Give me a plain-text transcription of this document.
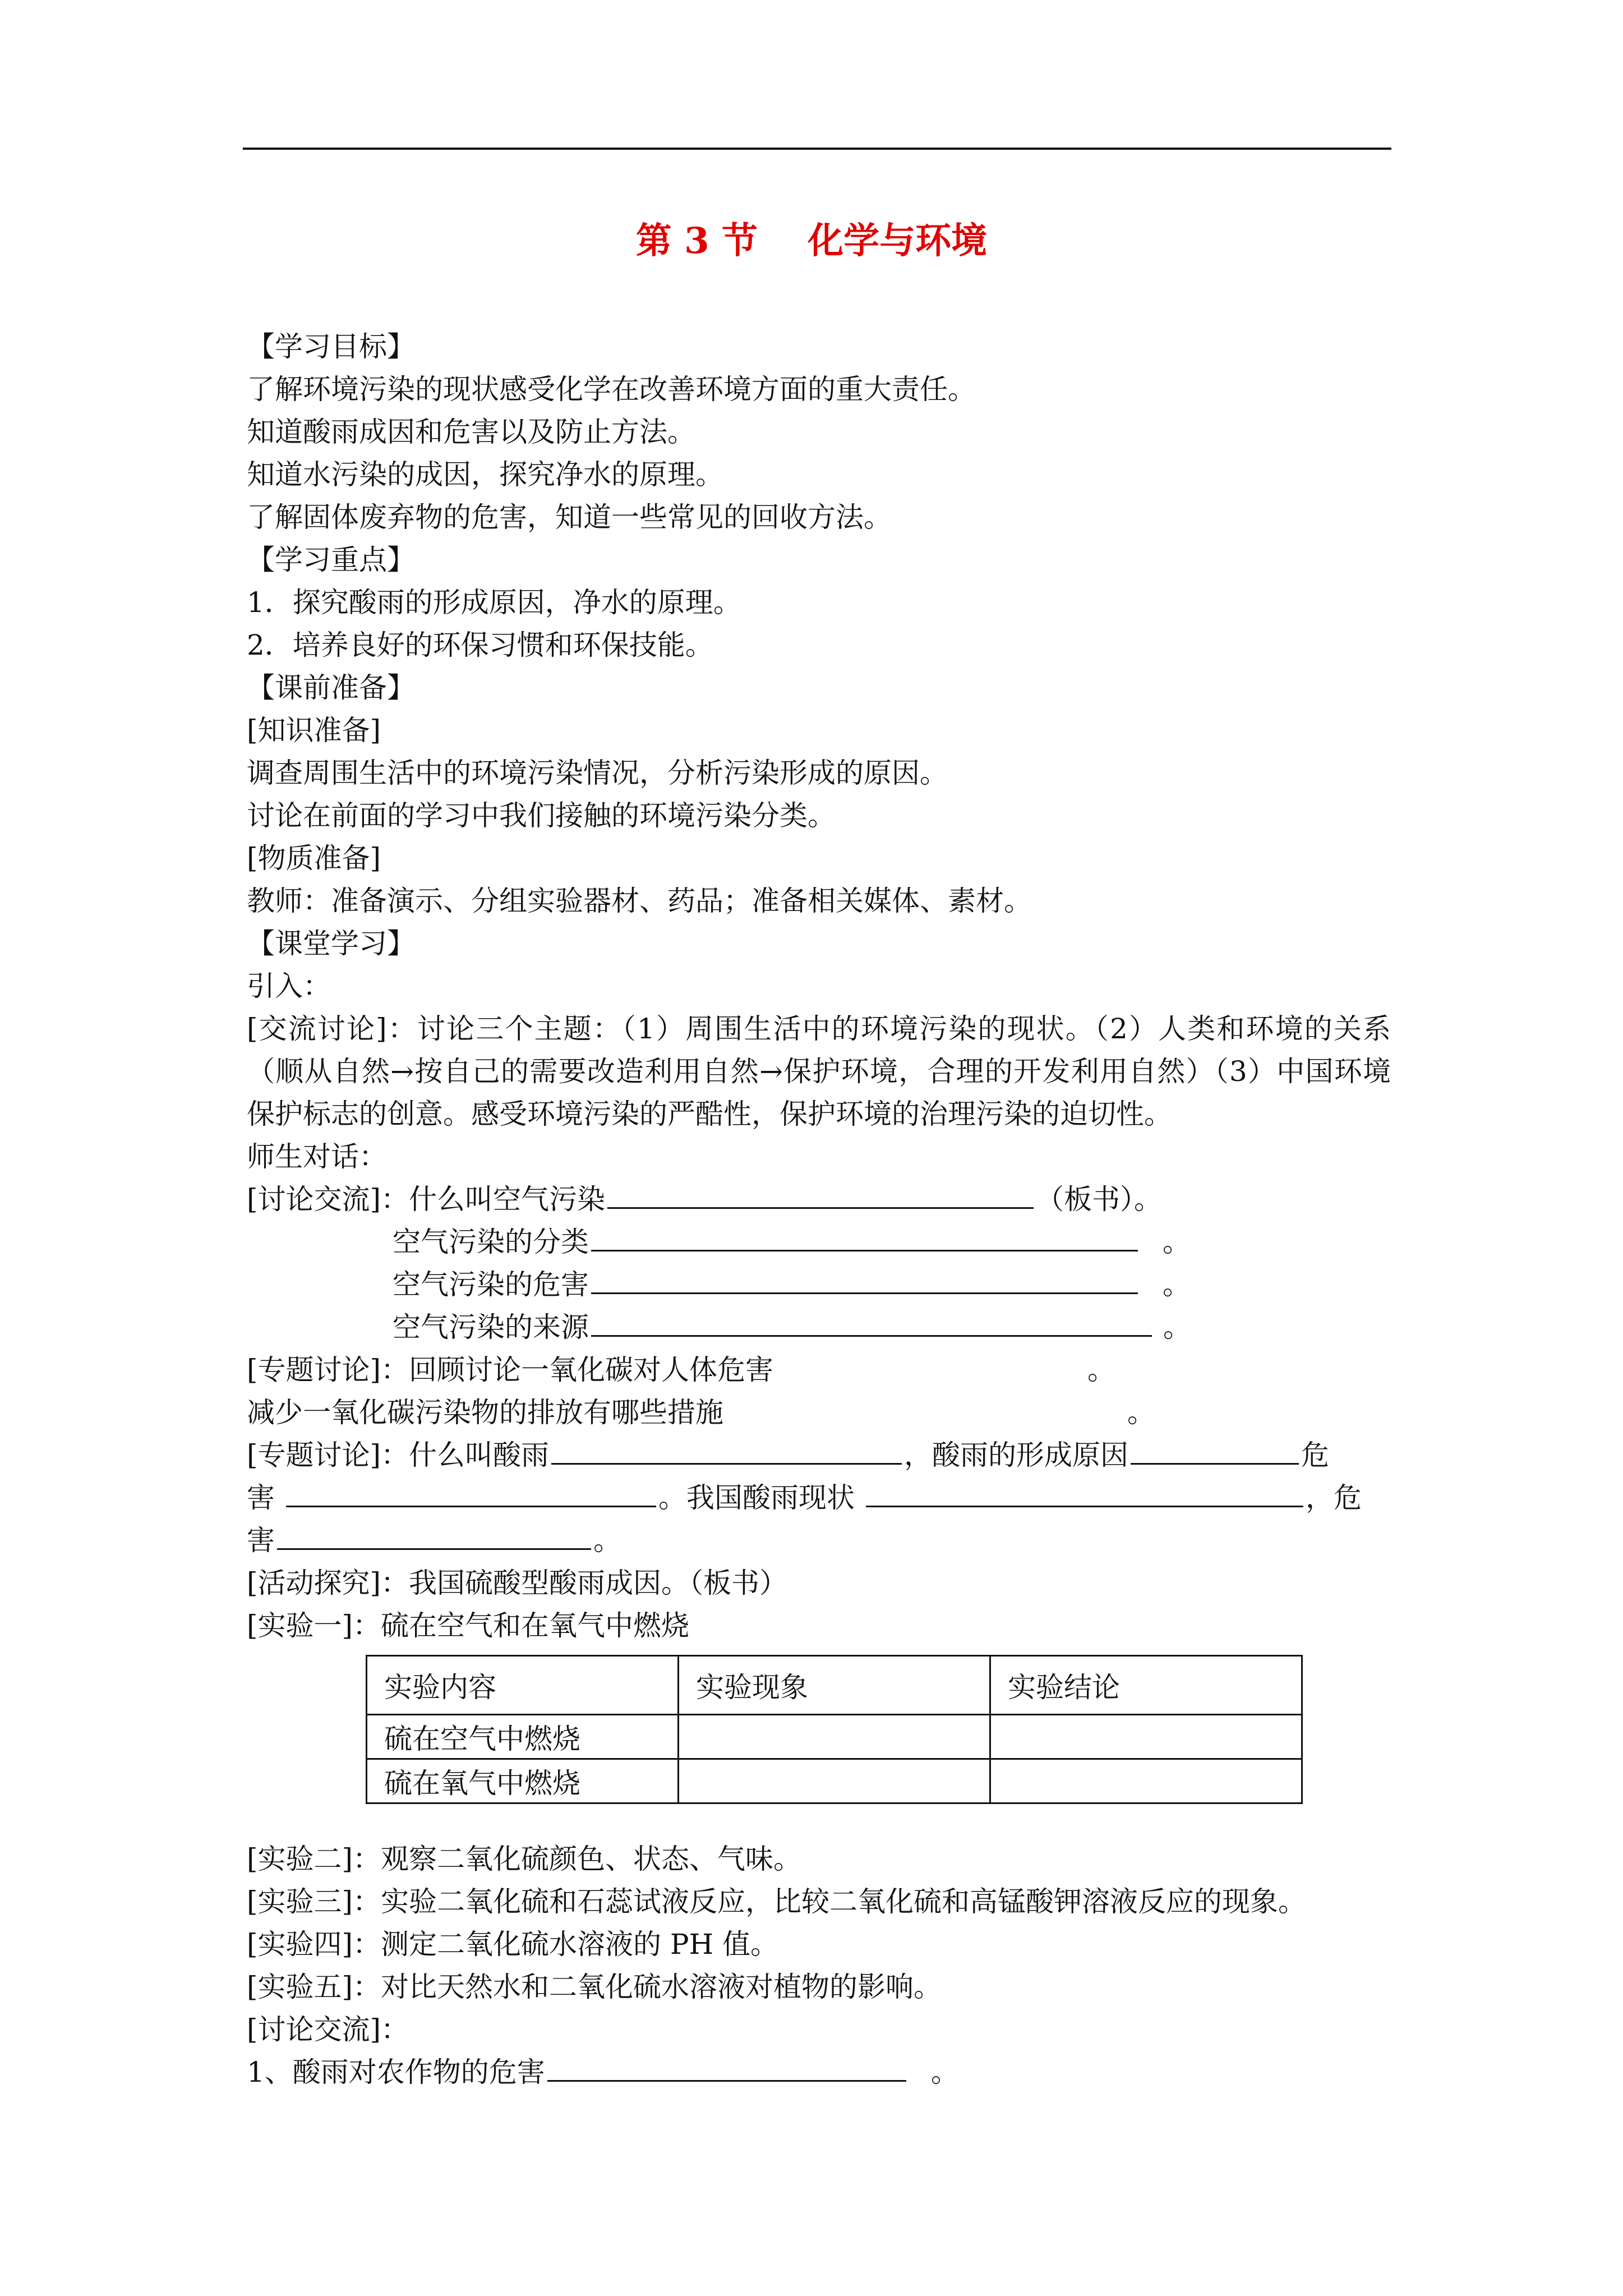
第 3 节    化学与环境
【学习目标】
了解环境污染的现状感受化学在改善环境方面的重大责任。
知道酸雨成因和危害以及防止方法。
知道水污染的成因，探究净水的原理。
了解固体废弃物的危害，知道一些常见的回收方法。
【学习重点】
1．探究酸雨的形成原因，净水的原理。
2．培养良好的环保习惯和环保技能。
【课前准备】
[知识准备]
调查周围生活中的环境污染情况，分析污染形成的原因。
讨论在前面的学习中我们接触的环境污染分类。
[物质准备]
教师：准备演示、分组实验器材、药品；准备相关媒体、素材。
【课堂学习】
引入：
[交流讨论]：讨论三个主题：（1）周围生活中的环境污染的现状。（2）人类和环境的关系
（顺从自然→按自己的需要改造利用自然→保护环境，合理的开发利用自然）（3）中国环境
保护标志的创意。感受环境污染的严酷性，保护环境的治理污染的迫切性。
师生对话：
[讨论交流]：什么叫空气污染	（板书）。
空气污染的分类	。
空气污染的危害	。
空气污染的来源	。
[专题讨论]：回顾讨论一氧化碳对人体危害	。
减少一氧化碳污染物的排放有哪些措施	。
[专题讨论]：什么叫酸雨	，酸雨的形成原因	危
害	。我国酸雨现状	，危
害	。
[活动探究]：我国硫酸型酸雨成因。（板书）
[实验一]：硫在空气和在氧气中燃烧
实验内容	实验现象	实验结论
硫在空气中燃烧		
硫在氧气中燃烧		
[实验二]：观察二氧化硫颜色、状态、气味。
[实验三]：实验二氧化硫和石蕊试液反应，比较二氧化硫和高锰酸钾溶液反应的现象。
[实验四]：测定二氧化硫水溶液的 PH 值。
[实验五]：对比天然水和二氧化硫水溶液对植物的影响。
[讨论交流]：
1、酸雨对农作物的危害	。
